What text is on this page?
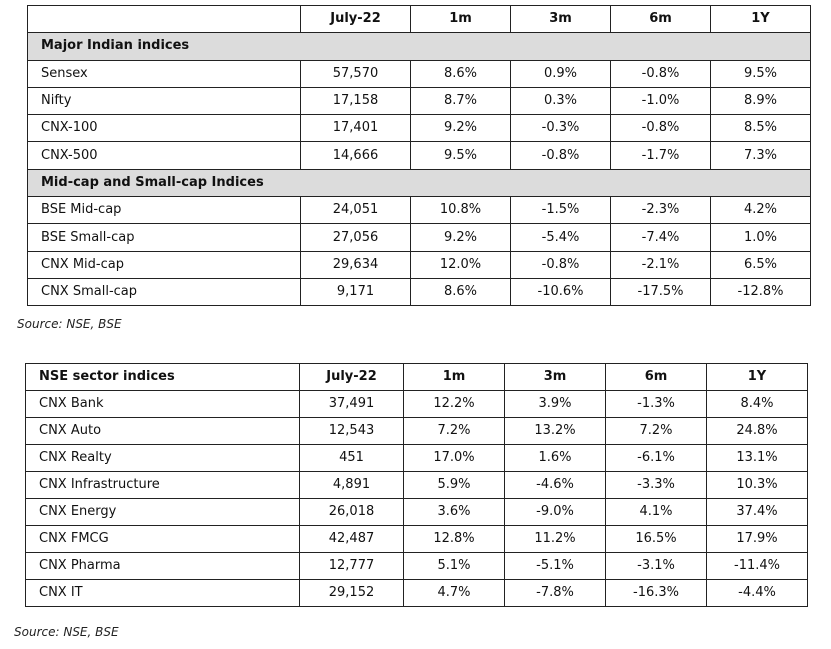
	July-22	1m	3m	6m	1Y
Major Indian indices					
Sensex	57,570	8.6%	0.9%	-0.8%	9.5%
Nifty	17,158	8.7%	0.3%	-1.0%	8.9%
CNX-100	17,401	9.2%	-0.3%	-0.8%	8.5%
CNX-500	14,666	9.5%	-0.8%	-1.7%	7.3%
Mid-cap and Small-cap Indices					
BSE Mid-cap	24,051	10.8%	-1.5%	-2.3%	4.2%
BSE Small-cap	27,056	9.2%	-5.4%	-7.4%	1.0%
CNX Mid-cap	29,634	12.0%	-0.8%	-2.1%	6.5%
CNX Small-cap	9,171	8.6%	-10.6%	-17.5%	-12.8%
Source: NSE, BSE
NSE sector indices	July-22	1m	3m	6m	1Y
CNX Bank	37,491	12.2%	3.9%	-1.3%	8.4%
CNX Auto	12,543	7.2%	13.2%	7.2%	24.8%
CNX Realty	451	17.0%	1.6%	-6.1%	13.1%
CNX Infrastructure	4,891	5.9%	-4.6%	-3.3%	10.3%
CNX Energy	26,018	3.6%	-9.0%	4.1%	37.4%
CNX FMCG	42,487	12.8%	11.2%	16.5%	17.9%
CNX Pharma	12,777	5.1%	-5.1%	-3.1%	-11.4%
CNX IT	29,152	4.7%	-7.8%	-16.3%	-4.4%
Source: NSE, BSE
